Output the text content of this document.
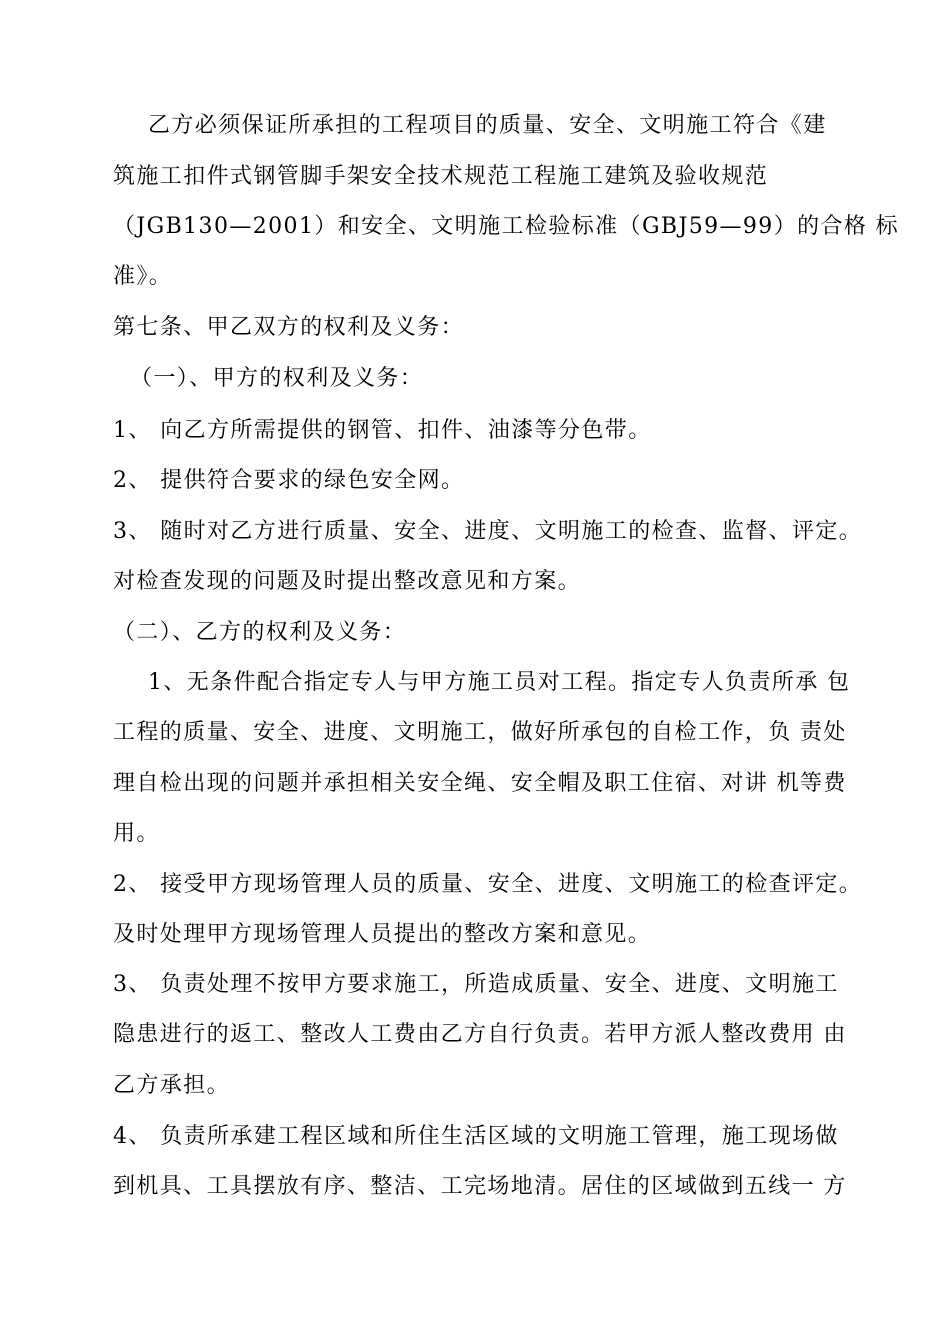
乙方必须保证所承担的工程项目的质量、安全、文明施工符合《建
筑施工扣件式钢管脚手架安全技术规范工程施工建筑及验收规范
（JGB130—2001）和安全、文明施工检验标准（GBJ59—99）的合格 标
准》。
第七条、甲乙双方的权利及义务：
（一）、甲方的权利及义务：
1、 向乙方所需提供的钢管、扣件、油漆等分色带。
2、 提供符合要求的绿色安全网。
3、 随时对乙方进行质量、安全、进度、文明施工的检查、监督、评定。
对检查发现的问题及时提出整改意见和方案。
（二）、乙方的权利及义务：
1、无条件配合指定专人与甲方施工员对工程。指定专人负责所承 包
工程的质量、安全、进度、文明施工，做好所承包的自检工作，负 责处
理自检出现的问题并承担相关安全绳、安全帽及职工住宿、对讲 机等费
用。
2、 接受甲方现场管理人员的质量、安全、进度、文明施工的检查评定。
及时处理甲方现场管理人员提出的整改方案和意见。
3、 负责处理不按甲方要求施工，所造成质量、安全、进度、文明施工
隐患进行的返工、整改人工费由乙方自行负责。若甲方派人整改费用 由
乙方承担。
4、 负责所承建工程区域和所住生活区域的文明施工管理，施工现场做
到机具、工具摆放有序、整洁、工完场地清。居住的区域做到五线一 方
